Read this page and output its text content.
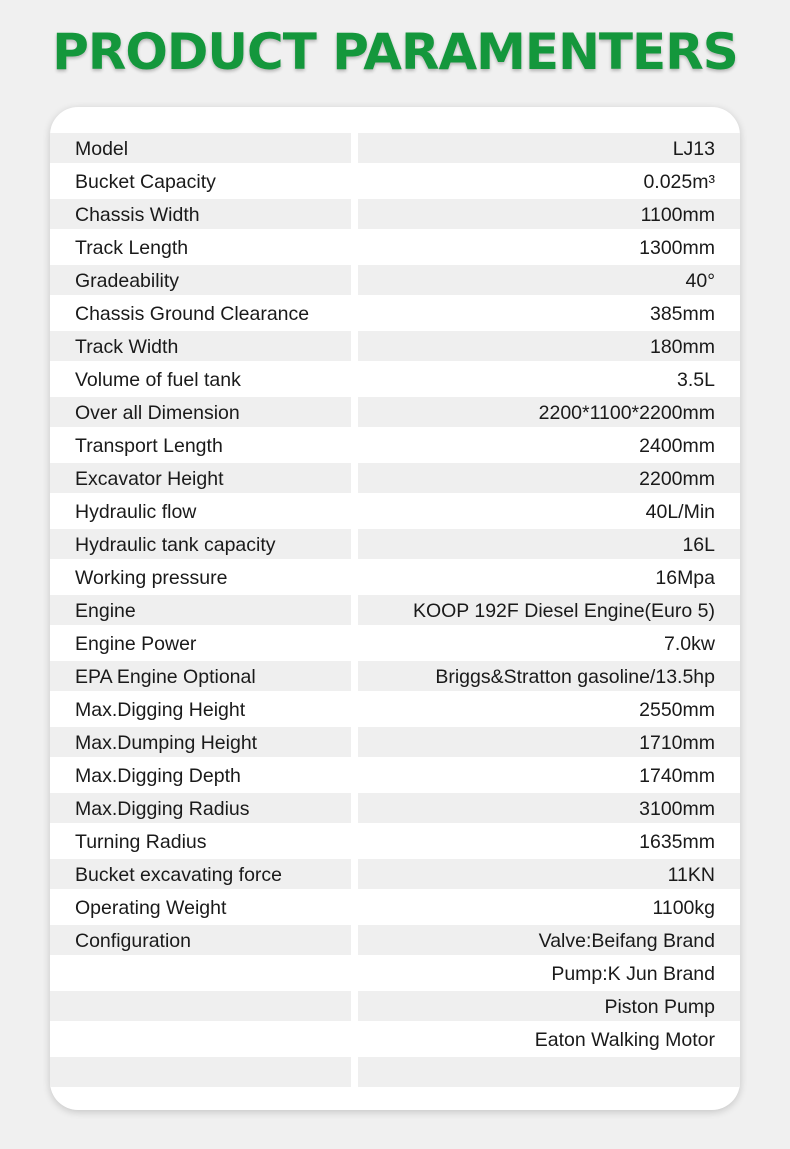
PRODUCT PARAMENTERS
Model	LJ13
Bucket Capacity	0.025m³
Chassis Width	1100mm
Track Length	1300mm
Gradeability	40°
Chassis Ground Clearance	385mm
Track Width	180mm
Volume of fuel tank	3.5L
Over all Dimension	2200*1100*2200mm
Transport Length	2400mm
Excavator Height	2200mm
Hydraulic flow	40L/Min
Hydraulic tank capacity	16L
Working pressure	16Mpa
Engine	KOOP 192F Diesel Engine(Euro 5)
Engine Power	7.0kw
EPA Engine Optional	Briggs&Stratton gasoline/13.5hp
Max.Digging Height	2550mm
Max.Dumping Height	1710mm
Max.Digging Depth	1740mm
Max.Digging Radius	3100mm
Turning Radius	1635mm
Bucket excavating force	11KN
Operating Weight	1100kg
Configuration	Valve:Beifang Brand
Pump:K Jun Brand
Piston Pump
Eaton Walking Motor
